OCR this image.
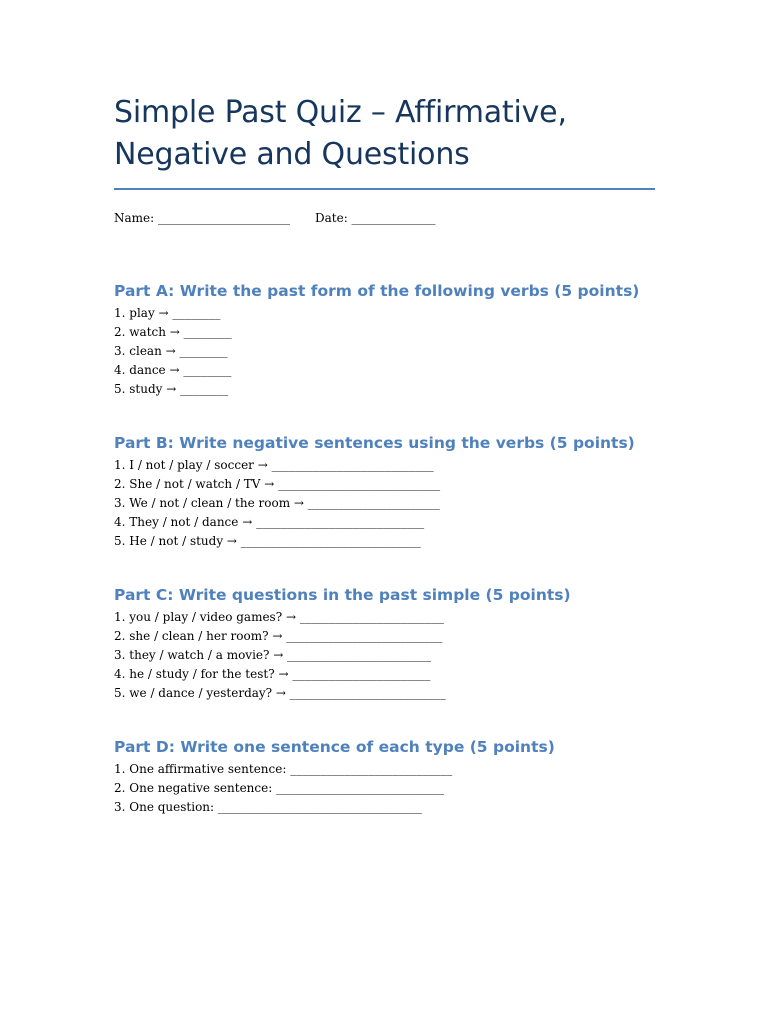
Simple Past Quiz – Affirmative, Negative and Questions
Name: ______________________ Date: ______________
Part A: Write the past form of the following verbs (5 points)
1. play → ________
2. watch → ________
3. clean → ________
4. dance → ________
5. study → ________
Part B: Write negative sentences using the verbs (5 points)
1. I / not / play / soccer → ___________________________
2. She / not / watch / TV → ___________________________
3. We / not / clean / the room → ______________________
4. They / not / dance → ____________________________
5. He / not / study → ______________________________
Part C: Write questions in the past simple (5 points)
1. you / play / video games? → ________________________
2. she / clean / her room? → __________________________
3. they / watch / a movie? → ________________________
4. he / study / for the test? → _______________________
5. we / dance / yesterday? → __________________________
Part D: Write one sentence of each type (5 points)
1. One affirmative sentence: ___________________________
2. One negative sentence: ____________________________
3. One question: __________________________________
